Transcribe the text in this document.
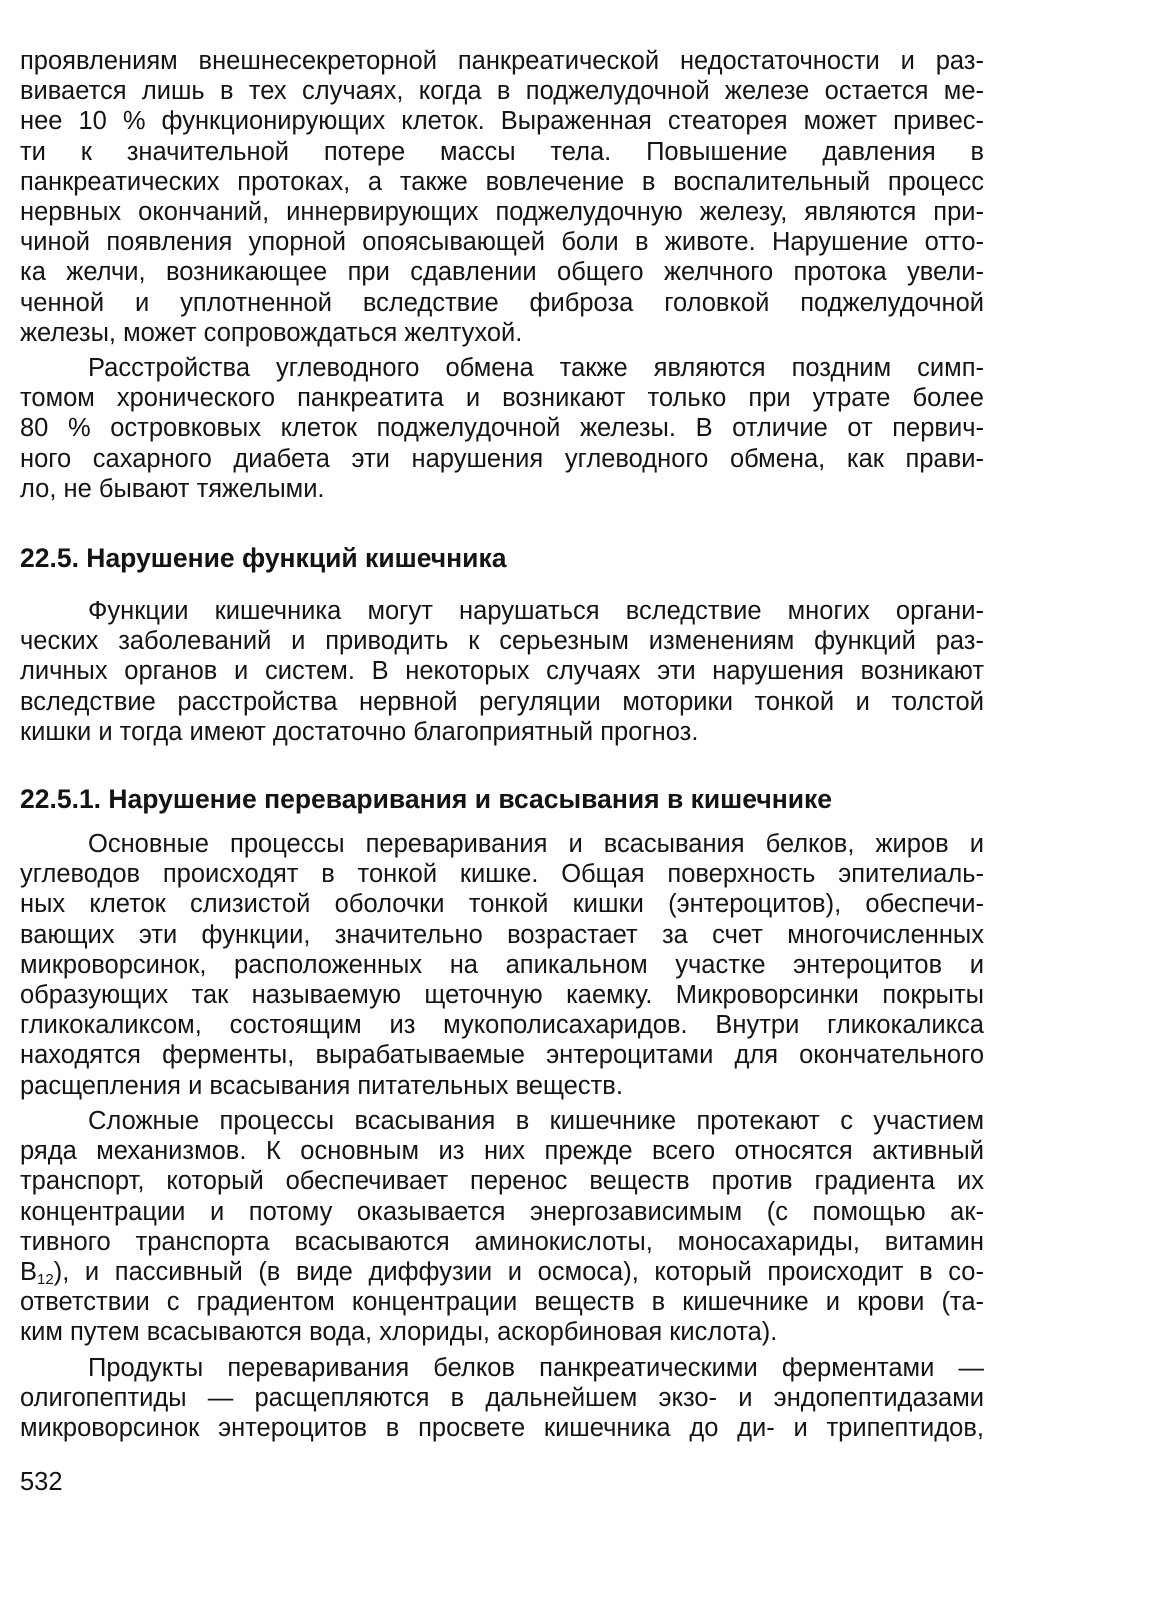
проявлениям внешнесекреторной панкреатической недостаточности и раз-
вивается лишь в тех случаях, когда в поджелудочной железе остается ме-
нее 10 % функционирующих клеток. Выраженная стеаторея может привес-
ти к значительной потере массы тела. Повышение давления в
панкреатических протоках, а также вовлечение в воспалительный процесс
нервных окончаний, иннервирующих поджелудочную железу, являются при-
чиной появления упорной опоясывающей боли в животе. Нарушение отто-
ка желчи, возникающее при сдавлении общего желчного протока увели-
ченной и уплотненной вследствие фиброза головкой поджелудочной
железы, может сопровождаться желтухой.

Расстройства углеводного обмена также являются поздним симп-
томом хронического панкреатита и возникают только при утрате более
80 % островковых клеток поджелудочной железы. В отличие от первич-
ного сахарного диабета эти нарушения углеводного обмена, как прави-
ло, не бывают тяжелыми.

22.5. Нарушение функций кишечника

Функции кишечника могут нарушаться вследствие многих органи-
ческих заболеваний и приводить к серьезным изменениям функций раз-
личных органов и систем. В некоторых случаях эти нарушения возникают
вследствие расстройства нервной регуляции моторики тонкой и толстой
кишки и тогда имеют достаточно благоприятный прогноз.

22.5.1. Нарушение переваривания и всасывания в кишечнике

Основные процессы переваривания и всасывания белков, жиров и
углеводов происходят в тонкой кишке. Общая поверхность эпителиаль-
ных клеток слизистой оболочки тонкой кишки (энтероцитов), обеспечи-
вающих эти функции, значительно возрастает за счет многочисленных
микроворсинок, расположенных на апикальном участке энтероцитов и
образующих так называемую щеточную каемку. Микроворсинки покрыты
гликокаликсом, состоящим из мукополисахаридов. Внутри гликокаликса
находятся ферменты, вырабатываемые энтероцитами для окончательного
расщепления и всасывания питательных веществ.

Сложные процессы всасывания в кишечнике протекают с участием
ряда механизмов. К основным из них прежде всего относятся активный
транспорт, который обеспечивает перенос веществ против градиента их
концентрации и потому оказывается энергозависимым (с помощью ак-
тивного транспорта всасываются аминокислоты, моносахариды, витамин
$B_{12}$), и пассивный (в виде диффузии и осмоса), который происходит в со-
ответствии с градиентом концентрации веществ в кишечнике и крови (та-
ким путем всасываются вода, хлориды, аскорбиновая кислота).

Продукты переваривания белков панкреатическими ферментами —
олигопептиды — расщепляются в дальнейшем экзо- и эндопептидазами
микроворсинок энтероцитов в просвете кишечника до ди- и трипептидов,

532
